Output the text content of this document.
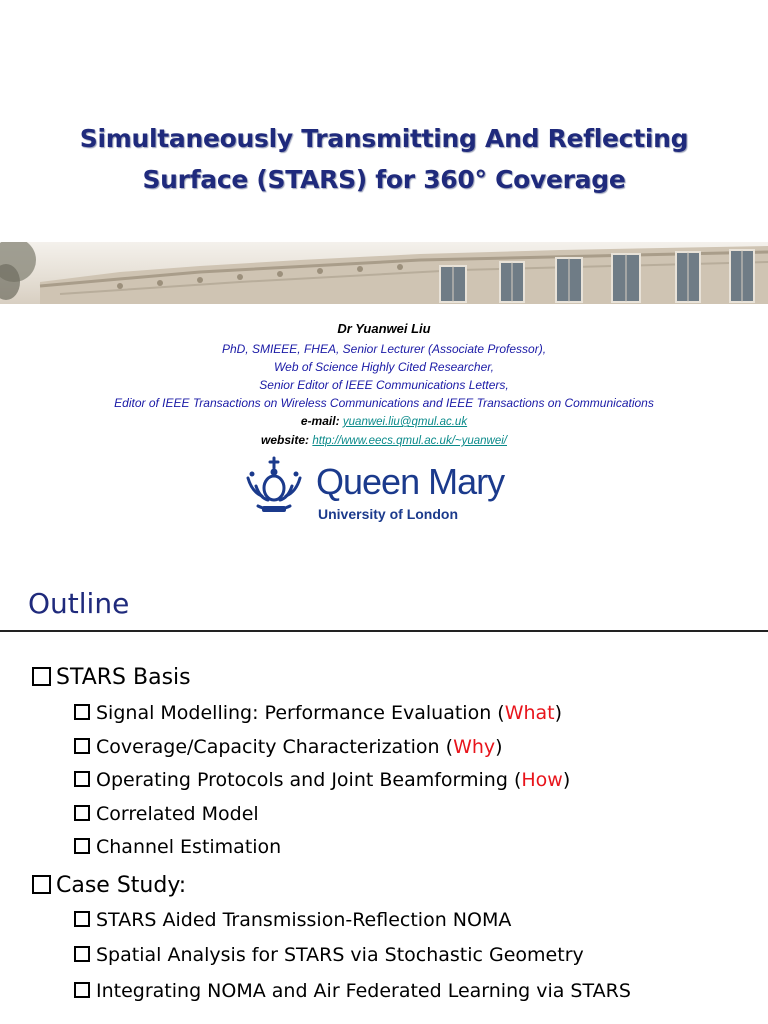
Simultaneously Transmitting And Reflecting
Surface (STARS) for 360° Coverage
Dr Yuanwei Liu
PhD, SMIEEE, FHEA, Senior Lecturer (Associate Professor),
Web of Science Highly Cited Researcher,
Senior Editor of IEEE Communications Letters,
Editor of IEEE Transactions on Wireless Communications and IEEE Transactions on Communications
e-mail: yuanwei.liu@qmul.ac.uk
website: http://www.eecs.qmul.ac.uk/~yuanwei/
Queen Mary
University of London
Outline
STARS Basis
Signal Modelling: Performance Evaluation (What)
Coverage/Capacity Characterization (Why)
Operating Protocols and Joint Beamforming (How)
Correlated Model
Channel Estimation
Case Study:
STARS Aided Transmission-Reflection NOMA
Spatial Analysis for STARS via Stochastic Geometry
Integrating NOMA and Air Federated Learning via STARS
